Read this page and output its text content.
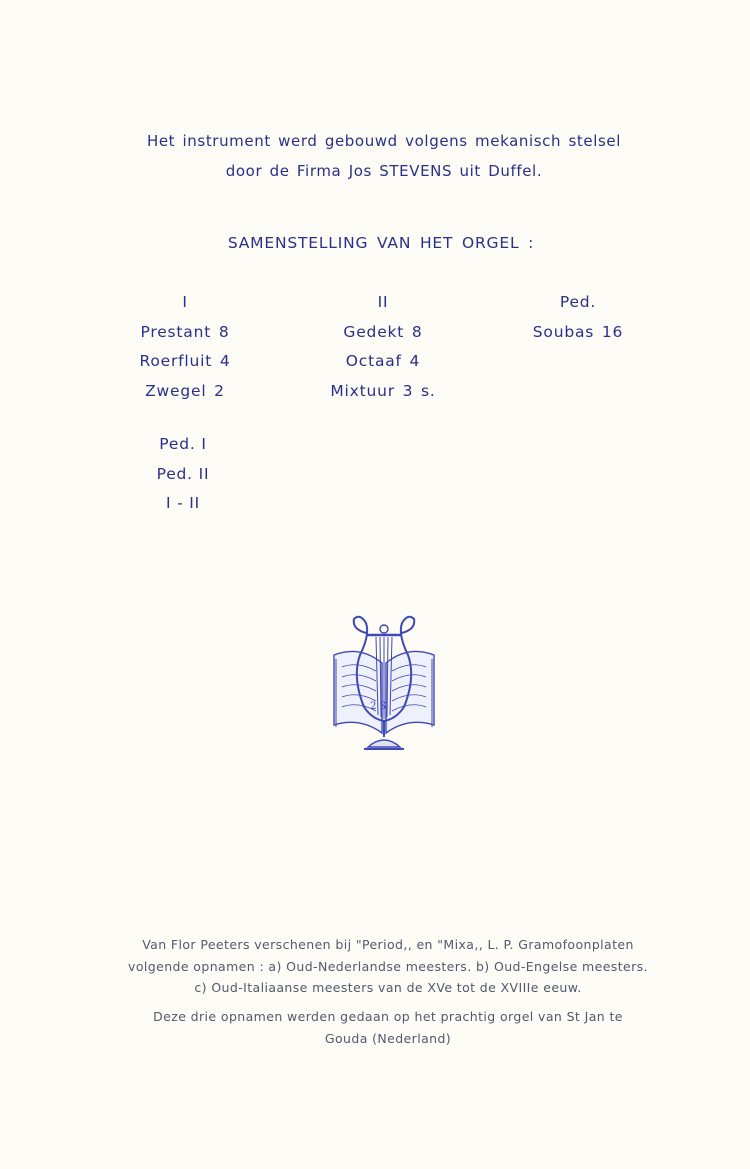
Het instrument werd gebouwd volgens mekanisch stelsel
door de Firma Jos STEVENS uit Duffel.
SAMENSTELLING VAN HET ORGEL :
I
Prestant 8
Roerfluit 4
Zwegel 2
II
Gedekt 8
Octaaf 4
Mixtuur 3 s.
Ped.
Soubas 16
Ped. I
Ped. II
I - II
2 S
Van Flor Peeters verschenen bij "Period,, en "Mixa,, L. P. Gramofoonplaten
volgende opnamen : a) Oud-Nederlandse meesters. b) Oud-Engelse meesters.
c) Oud-Italiaanse meesters van de XVe tot de XVIIIe eeuw.
Deze drie opnamen werden gedaan op het prachtig orgel van St Jan te
Gouda (Nederland)
